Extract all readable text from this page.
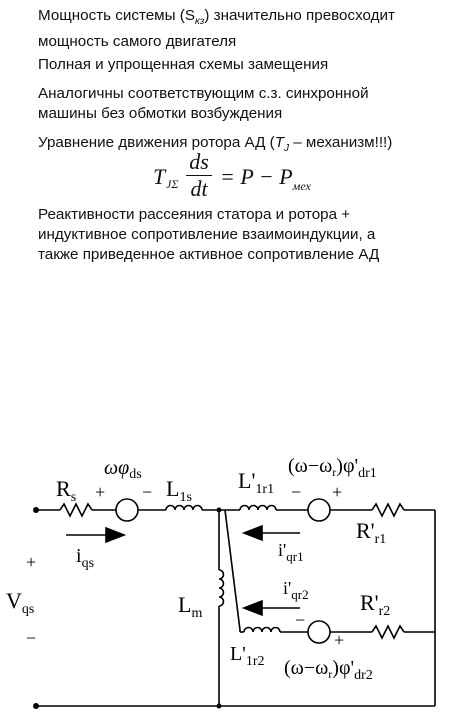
Мощность системы $(S_{кз})$ значительно превосходит
мощность самого двигателя
Полная и упрощенная схемы замещения
Аналогичны соответствующим с.з. синхронной
машины без обмотки возбуждения
Уравнение движения ротора АД ($T_J$ – механизм!!!)
T JΣ
ds
dt = $P - P_{мех}$
Реактивности рассеяния статора и ротора +
индуктивное сопротивление взаимоиндукции, а
также приведенное активное сопротивление АД
$R_s$ + −
$\omega\varphi_{ds}$
$L_{1s}$
$L'_{1r1}$
$(\omega-\omega_r)\varphi'_{dr1}$
− +
$R'_{r1}$
$i_{qs}$
$i'_{qr1}$
$i'_{qr2}$ $R'_{r2}$
+
$V_{qs}$
−
$L_m$
$L'_{1r2}$
−
+
$(\omega-\omega_r)\varphi'_{dr2}$
